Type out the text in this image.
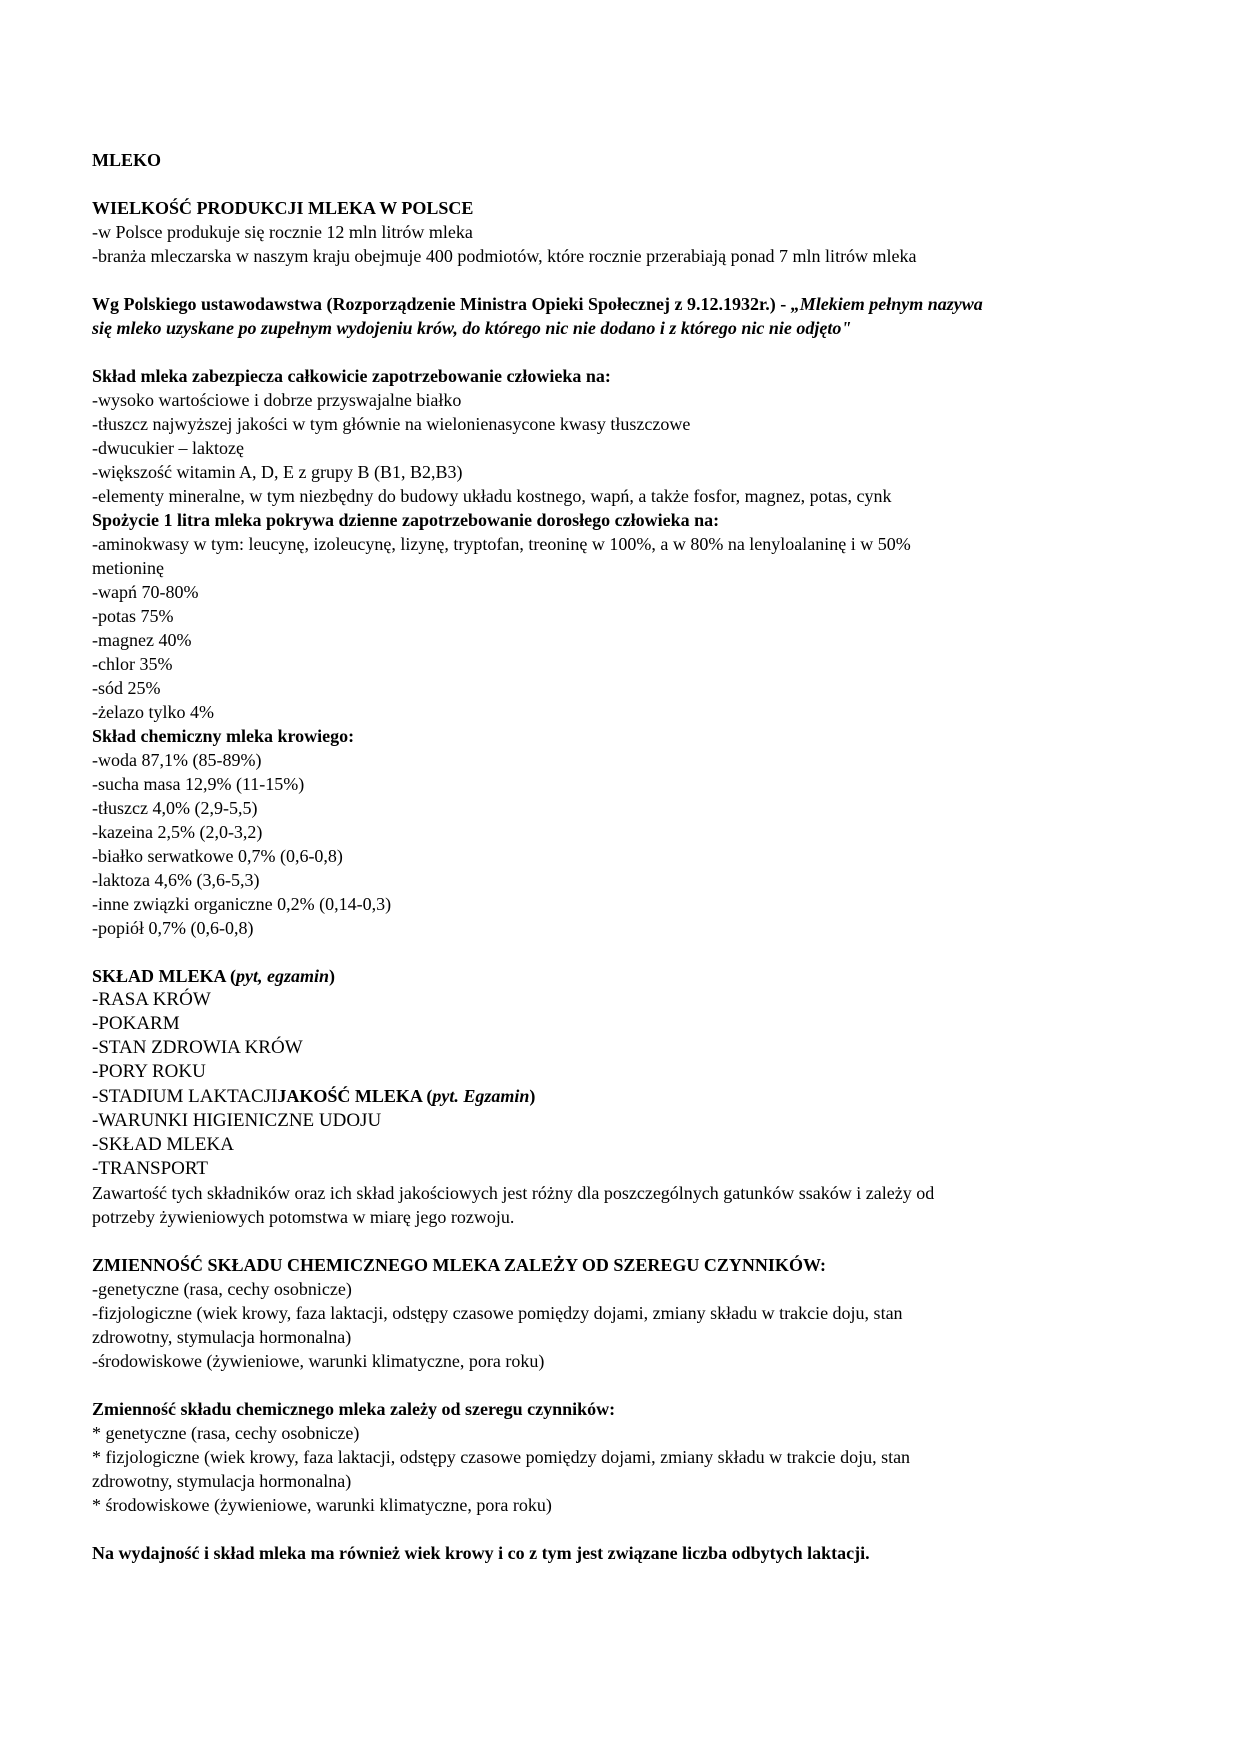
MLEKO
WIELKOŚĆ PRODUKCJI MLEKA W POLSCE
-w Polsce produkuje się rocznie 12 mln litrów mleka
-branża mleczarska w naszym kraju obejmuje 400 podmiotów, które rocznie przerabiają ponad 7 mln litrów mleka
Wg Polskiego ustawodawstwa (Rozporządzenie Ministra Opieki Społecznej z 9.12.1932r.) - „Mlekiem pełnym nazywa
się mleko uzyskane po zupełnym wydojeniu krów, do którego nic nie dodano i z którego nic nie odjęto"
Skład mleka zabezpiecza całkowicie zapotrzebowanie człowieka na:
-wysoko wartościowe i dobrze przyswajalne białko
-tłuszcz najwyższej jakości w tym głównie na wielonienasycone kwasy tłuszczowe
-dwucukier – laktozę
-większość witamin A, D, E z grupy B (B1, B2,B3)
-elementy mineralne, w tym niezbędny do budowy układu kostnego, wapń, a także fosfor, magnez, potas, cynk
Spożycie 1 litra mleka pokrywa dzienne zapotrzebowanie dorosłego człowieka na:
-aminokwasy w tym: leucynę, izoleucynę, lizynę, tryptofan, treoninę w 100%, a w 80% na lenyloalaninę i w 50%
metioninę
-wapń 70-80%
-potas 75%
-magnez 40%
-chlor 35%
-sód 25%
-żelazo tylko 4%
Skład chemiczny mleka krowiego:
-woda 87,1% (85-89%)
-sucha masa 12,9% (11-15%)
-tłuszcz 4,0% (2,9-5,5)
-kazeina 2,5% (2,0-3,2)
-białko serwatkowe 0,7% (0,6-0,8)
-laktoza 4,6% (3,6-5,3)
-inne związki organiczne 0,2% (0,14-0,3)
-popiół 0,7% (0,6-0,8)
SKŁAD MLEKA (pyt, egzamin)
-RASA KRÓW
-POKARM
-STAN ZDROWIA KRÓW
-PORY ROKU
-STADIUM LAKTACJIJAKOŚĆ MLEKA (pyt. Egzamin)
-WARUNKI HIGIENICZNE UDOJU
-SKŁAD MLEKA
-TRANSPORT
Zawartość tych składników oraz ich skład jakościowych jest różny dla poszczególnych gatunków ssaków i zależy od
potrzeby żywieniowych potomstwa w miarę jego rozwoju.
ZMIENNOŚĆ SKŁADU CHEMICZNEGO MLEKA ZALEŻY OD SZEREGU CZYNNIKÓW:
-genetyczne (rasa, cechy osobnicze)
-fizjologiczne (wiek krowy, faza laktacji, odstępy czasowe pomiędzy dojami, zmiany składu w trakcie doju, stan
zdrowotny, stymulacja hormonalna)
-środowiskowe (żywieniowe, warunki klimatyczne, pora roku)
Zmienność składu chemicznego mleka zależy od szeregu czynników:
* genetyczne (rasa, cechy osobnicze)
* fizjologiczne (wiek krowy, faza laktacji, odstępy czasowe pomiędzy dojami, zmiany składu w trakcie doju, stan
zdrowotny, stymulacja hormonalna)
* środowiskowe (żywieniowe, warunki klimatyczne, pora roku)
Na wydajność i skład mleka ma również wiek krowy i co z tym jest związane liczba odbytych laktacji.
